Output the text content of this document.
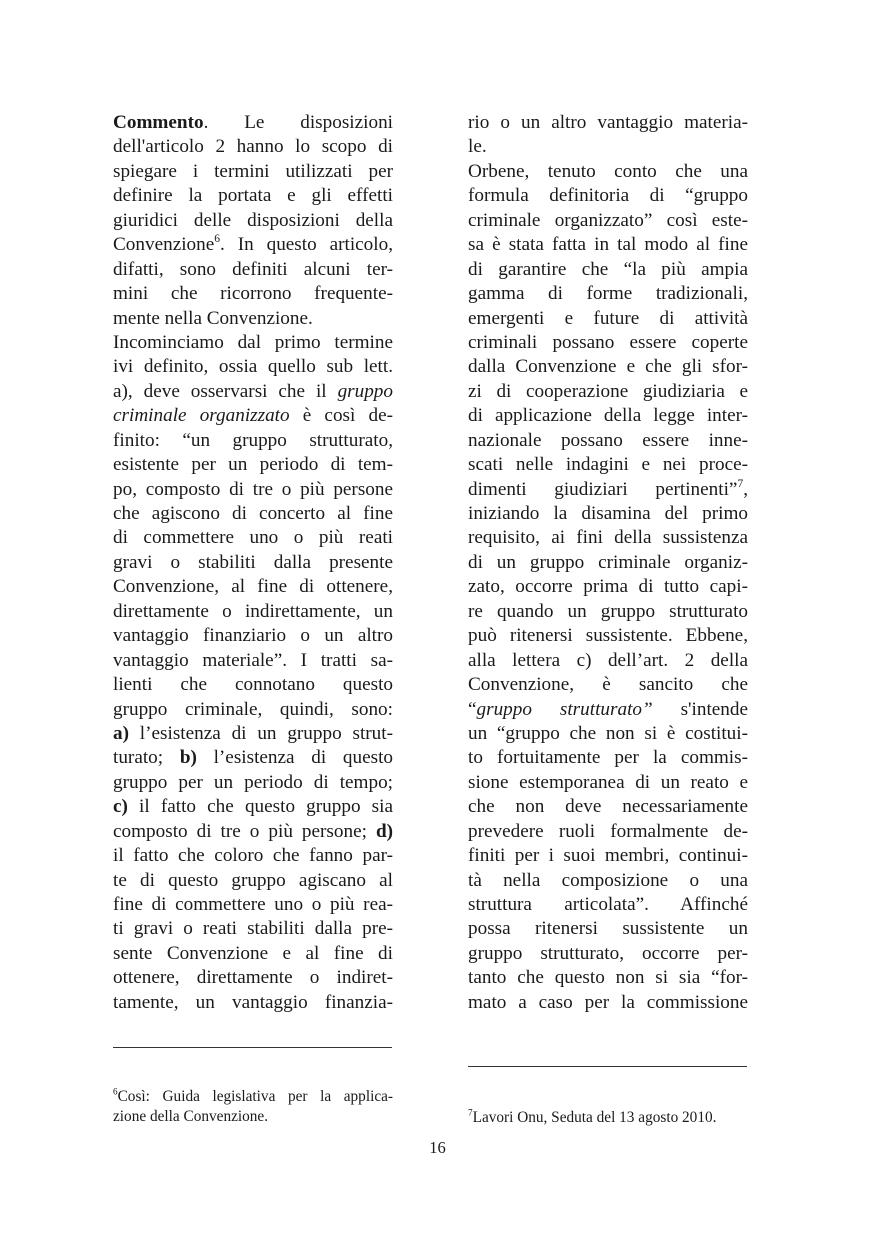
Commento. Le disposizioni
dell'articolo 2 hanno lo scopo di
spiegare i termini utilizzati per
definire la portata e gli effetti
giuridici delle disposizioni della
Convenzione$^6$. In questo articolo,
difatti, sono definiti alcuni ter-
mini che ricorrono frequente-
mente nella Convenzione.
Incominciamo dal primo termine
ivi definito, ossia quello sub lett.
a), deve osservarsi che il gruppo
criminale organizzato è così de-
finito: “un gruppo strutturato,
esistente per un periodo di tem-
po, composto di tre o più persone
che agiscono di concerto al fine
di commettere uno o più reati
gravi o stabiliti dalla presente
Convenzione, al fine di ottenere,
direttamente o indirettamente, un
vantaggio finanziario o un altro
vantaggio materiale”. I tratti sa-
lienti che connotano questo
gruppo criminale, quindi, sono:
a) l’esistenza di un gruppo strut-
turato; b) l’esistenza di questo
gruppo per un periodo di tempo;
c) il fatto che questo gruppo sia
composto di tre o più persone; d)
il fatto che coloro che fanno par-
te di questo gruppo agiscano al
fine di commettere uno o più rea-
ti gravi o reati stabiliti dalla pre-
sente Convenzione e al fine di
ottenere, direttamente o indiret-
tamente, un vantaggio finanzia-
rio o un altro vantaggio materia-
le.
Orbene, tenuto conto che una
formula definitoria di “gruppo
criminale organizzato” così este-
sa è stata fatta in tal modo al fine
di garantire che “la più ampia
gamma di forme tradizionali,
emergenti e future di attività
criminali possano essere coperte
dalla Convenzione e che gli sfor-
zi di cooperazione giudiziaria e
di applicazione della legge inter-
nazionale possano essere inne-
scati nelle indagini e nei proce-
dimenti giudiziari pertinenti”$^7$,
iniziando la disamina del primo
requisito, ai fini della sussistenza
di un gruppo criminale organiz-
zato, occorre prima di tutto capi-
re quando un gruppo strutturato
può ritenersi sussistente. Ebbene,
alla lettera c) dell’art. 2 della
Convenzione, è sancito che
“gruppo strutturato” s'intende
un “gruppo che non si è costitui-
to fortuitamente per la commis-
sione estemporanea di un reato e
che non deve necessariamente
prevedere ruoli formalmente de-
finiti per i suoi membri, continui-
tà nella composizione o una
struttura articolata”. Affinché
possa ritenersi sussistente un
gruppo strutturato, occorre per-
tanto che questo non si sia “for-
mato a caso per la commissione
$^6$Così: Guida legislativa per la applica-
zione della Convenzione.	$^7$Lavori Onu, Seduta del 13 agosto 2010.
16
